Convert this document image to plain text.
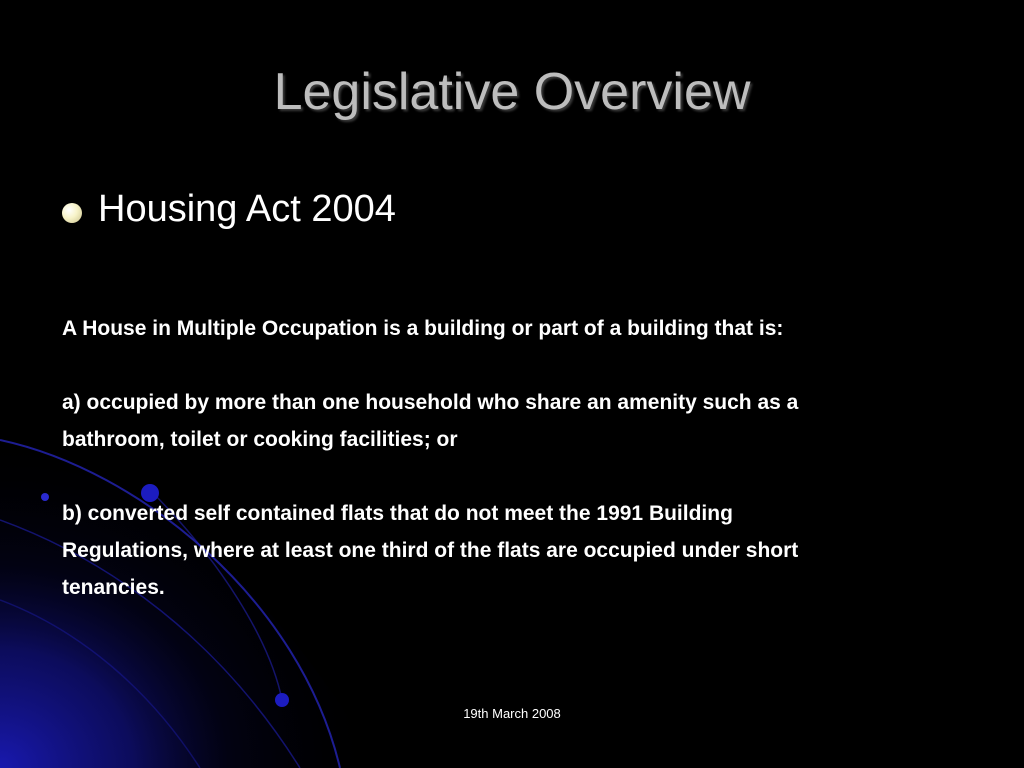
Legislative Overview
Housing Act 2004

A House in Multiple Occupation is a building or part of a building that is:

a) occupied by more than one household who share an amenity such as a

bathroom, toilet or cooking facilities; or

b) converted self contained flats that do not meet the 1991 Building

Regulations, where at least one third of the flats are occupied under short

tenancies.

19th March 2008
